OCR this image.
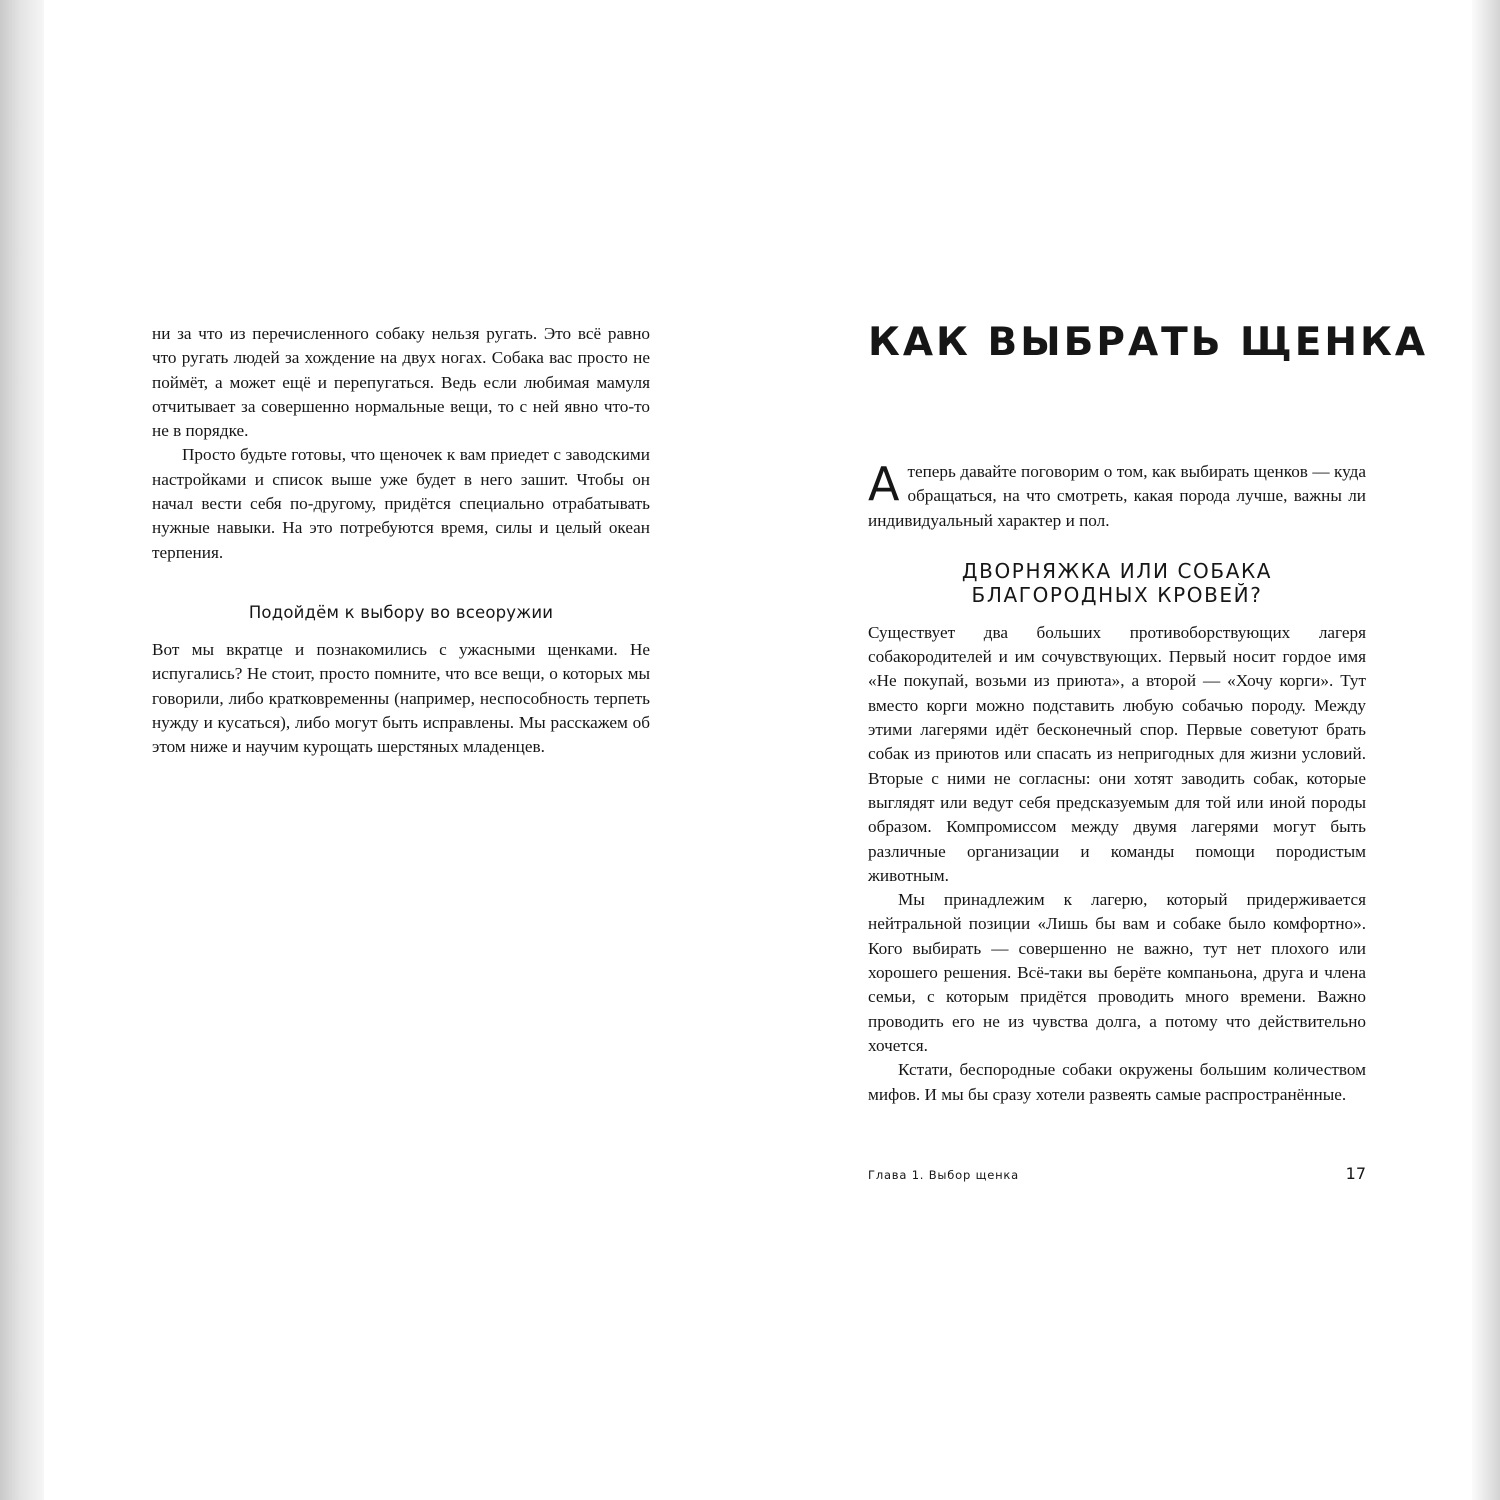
ни за что из перечисленного собаку нельзя ругать. Это всё равно что ругать людей за хождение на двух ногах. Собака вас просто не поймёт, а может ещё и перепугаться. Ведь если любимая мамуля отчитывает за совершенно нормальные вещи, то с ней явно что-то не в порядке.

Просто будьте готовы, что щеночек к вам приедет с заводскими настройками и список выше уже будет в него зашит. Чтобы он начал вести себя по-другому, придётся специально отрабатывать нужные навыки. На это потребуются время, силы и целый океан терпения.

Подойдём к выбору во всеоружии

Вот мы вкратце и познакомились с ужасными щенками. Не испугались? Не стоит, просто помните, что все вещи, о которых мы говорили, либо кратковременны (например, неспособность терпеть нужду и кусаться), либо могут быть исправлены. Мы расскажем об этом ниже и научим курощать шерстяных младенцев.

КАК ВЫБРАТЬ ЩЕНКА
А теперь давайте поговорим о том, как выбирать щенков — куда обращаться, на что смотреть, какая порода лучше, важны ли индивидуальный характер и пол.
ДВОРНЯЖКА ИЛИ СОБАКА
БЛАГОРОДНЫХ КРОВЕЙ?

Существует два больших противоборствующих лагеря собакородителей и им сочувствующих. Первый носит гордое имя «Не покупай, возьми из приюта», а второй — «Хочу корги». Тут вместо корги можно подставить любую собачью породу. Между этими лагерями идёт бесконечный спор. Первые советуют брать собак из приютов или спасать из непригодных для жизни условий. Вторые с ними не согласны: они хотят заводить собак, которые выглядят или ведут себя предсказуемым для той или иной породы образом. Компромиссом между двумя лагерями могут быть различные организации и команды помощи породистым животным.

Мы принадлежим к лагерю, который придерживается нейтральной позиции «Лишь бы вам и собаке было комфортно». Кого выбирать — совершенно не важно, тут нет плохого или хорошего решения. Всё-таки вы берёте компаньона, друга и члена семьи, с которым придётся проводить много времени. Важно проводить его не из чувства долга, а потому что действительно хочется.

Кстати, беспородные собаки окружены большим количеством мифов. И мы бы сразу хотели развеять самые распространённые.

Глава 1. Выбор щенка	17
